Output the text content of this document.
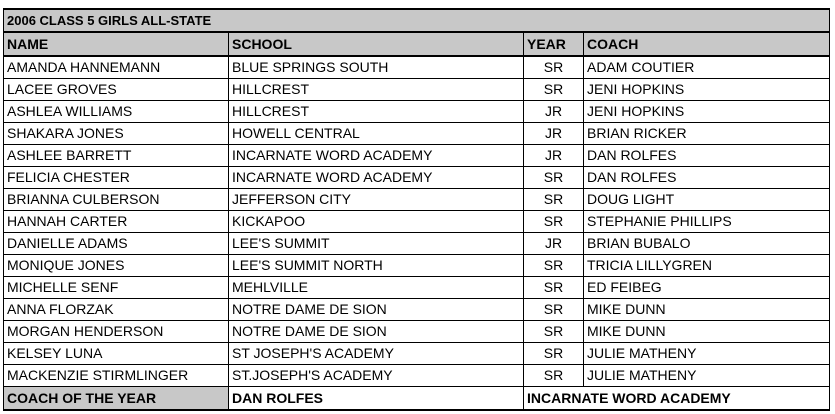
2006 CLASS 5 GIRLS ALL-STATE			
NAME	SCHOOL	YEAR	COACH
AMANDA HANNEMANN	BLUE SPRINGS SOUTH	SR	ADAM COUTIER
LACEE GROVES	HILLCREST	SR	JENI HOPKINS
ASHLEA WILLIAMS	HILLCREST	JR	JENI HOPKINS
SHAKARA JONES	HOWELL CENTRAL	JR	BRIAN RICKER
ASHLEE BARRETT	INCARNATE WORD ACADEMY	JR	DAN ROLFES
FELICIA CHESTER	INCARNATE WORD ACADEMY	SR	DAN ROLFES
BRIANNA CULBERSON	JEFFERSON CITY	SR	DOUG LIGHT
HANNAH CARTER	KICKAPOO	SR	STEPHANIE PHILLIPS
DANIELLE ADAMS	LEE'S SUMMIT	JR	BRIAN BUBALO
MONIQUE JONES	LEE'S SUMMIT NORTH	SR	TRICIA LILLYGREN
MICHELLE SENF	MEHLVILLE	SR	ED FEIBEG
ANNA FLORZAK	NOTRE DAME DE SION	SR	MIKE DUNN
MORGAN HENDERSON	NOTRE DAME DE SION	SR	MIKE DUNN
KELSEY LUNA	ST JOSEPH'S ACADEMY	SR	JULIE MATHENY
MACKENZIE STIRMLINGER	ST.JOSEPH'S ACADEMY	SR	JULIE MATHENY
COACH OF THE YEAR	DAN ROLFES	INCARNATE WORD ACADEMY	
